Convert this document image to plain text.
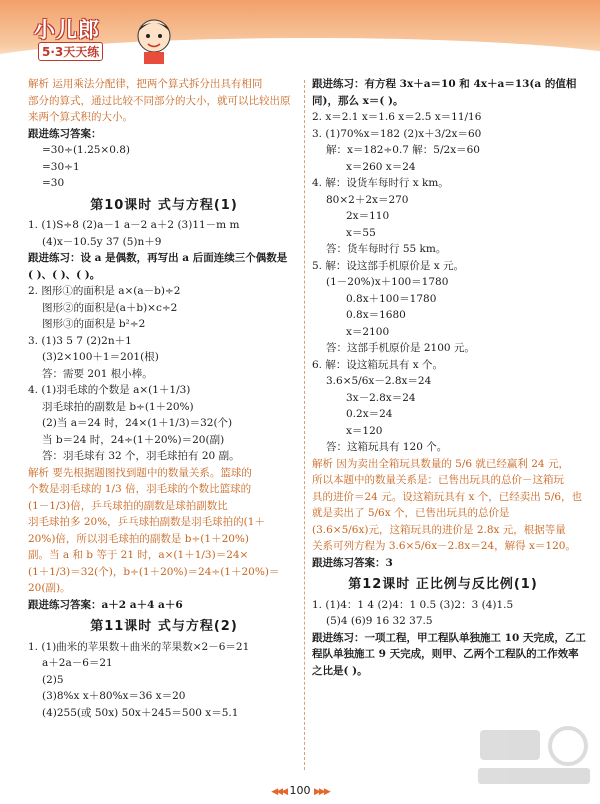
小儿郎
5·3天天练
解析 运用乘法分配律，把两个算式拆分出具有相同
部分的算式，通过比较不同部分的大小，就可以比较出原
来两个算式积的大小。
跟进练习答案：
=30÷(1.25×0.8)
=30÷1
=30
第10课时 式与方程(1)
1. (1)S÷8 (2)a－1 a－2 a＋2 (3)11－m m
(4)x－10.5y 37 (5)n＋9
跟进练习：设 a 是偶数，再写出 a 后面连续三个偶数是
( )、( )、( )。
2. 图形①的面积是 a×(a－b)÷2
图形②的面积是(a＋b)×c÷2
图形③的面积是 b²÷2
3. (1)3 5 7 (2)2n＋1
(3)2×100＋1＝201(根)
答：需要 201 根小棒。
4. (1)羽毛球的个数是 a×(1＋1/3)
羽毛球拍的副数是 b÷(1＋20%)
(2)当 a＝24 时，24×(1＋1/3)＝32(个)
当 b＝24 时，24÷(1＋20%)＝20(副)
答：羽毛球有 32 个，羽毛球拍有 20 副。
解析 要先根据题图找到题中的数量关系。篮球的
个数是羽毛球的 1/3 倍，羽毛球的个数比篮球的
(1－1/3)倍，乒乓球拍的副数是球拍副数比
羽毛球拍多 20%，乒乓球拍副数是羽毛球拍的(1＋
20%)倍，所以羽毛球拍的副数是 b÷(1＋20%)
副。当 a 和 b 等于 21 时，a×(1＋1/3)＝24×
(1＋1/3)＝32(个)，b÷(1＋20%)＝24÷(1＋20%)＝
20(副)。
跟进练习答案：a＋2 a＋4 a＋6
第11课时 式与方程(2)
1. (1)曲米的苹果数＋曲米的苹果数×2－6＝21
a＋2a－6＝21
(2)5
(3)8%x x＋80%x＝36 x＝20
(4)255(或 50x) 50x＋245＝500 x＝5.1
跟进练习：有方程 3x＋a＝10 和 4x＋a＝13(a 的值相
同)，那么 x＝( )。
2. x＝2.1 x＝1.6 x＝2.5 x＝11/16
3. (1)70%x＝182 (2)x＋3/2x＝60
解：x＝182÷0.7 解：5/2x＝60
x＝260 x＝24
4. 解：设货车每时行 x km。
80×2＋2x＝270
2x＝110
x＝55
答：货车每时行 55 km。
5. 解：设这部手机原价是 x 元。
(1－20%)x＋100＝1780
0.8x＋100＝1780
0.8x＝1680
x＝2100
答：这部手机原价是 2100 元。
6. 解：设这箱玩具有 x 个。
3.6×5/6x－2.8x＝24
3x－2.8x＝24
0.2x＝24
x＝120
答：这箱玩具有 120 个。
解析 因为卖出全箱玩具数量的 5/6 就已经赢利 24 元，
所以本题中的数量关系是：已售出玩具的总价－这箱玩
具的进价＝24 元。设这箱玩具有 x 个，已经卖出 5/6，也
就是卖出了 5/6x 个，已售出玩具的总价是
(3.6×5/6x)元，这箱玩具的进价是 2.8x 元，根据等量
关系可列方程为 3.6×5/6x－2.8x＝24，解得 x＝120。
跟进练习答案：3
第12课时 正比例与反比例(1)
1. (1)4：1 4 (2)4：1 0.5 (3)2：3 (4)1.5
(5)4 (6)9 16 32 37.5
跟进练习：一项工程，甲工程队单独施工 10 天完成，乙工
程队单独施工 9 天完成，则甲、乙两个工程队的工作效率
之比是( )。
◀◀◀ 100 ▶▶▶
